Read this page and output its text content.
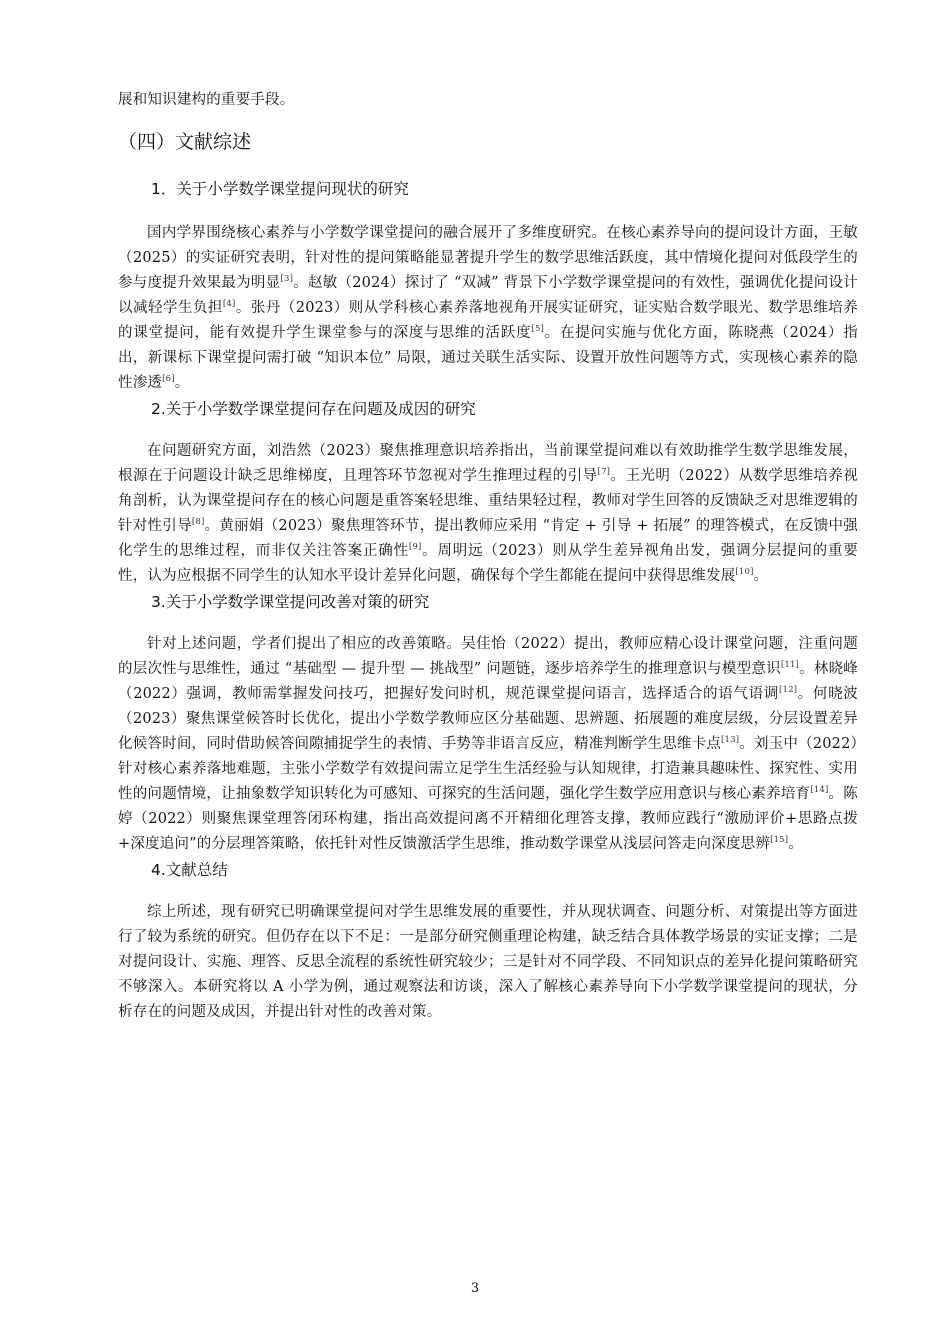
展和知识建构的重要手段。

（四）文献综述
1．关于小学数学课堂提问现状的研究

国内学界围绕核心素养与小学数学课堂提问的融合展开了多维度研究。在核心素养导向的提问设计方面，王敏（2025）的实证研究表明，针对性的提问策略能显著提升学生的数学思维活跃度，其中情境化提问对低段学生的参与度提升效果最为明显[3]。赵敏（2024）探讨了 “双减” 背景下小学数学课堂提问的有效性，强调优化提问设计以减轻学生负担[4]。张丹（2023）则从学科核心素养落地视角开展实证研究，证实贴合数学眼光、数学思维培养的课堂提问，能有效提升学生课堂参与的深度与思维的活跃度[5]。在提问实施与优化方面，陈晓燕（2024）指出，新课标下课堂提问需打破 “知识本位” 局限，通过关联生活实际、设置开放性问题等方式，实现核心素养的隐性渗透[6]。

2.关于小学数学课堂提问存在问题及成因的研究

在问题研究方面，刘浩然（2023）聚焦推理意识培养指出，当前课堂提问难以有效助推学生数学思维发展，根源在于问题设计缺乏思维梯度，且理答环节忽视对学生推理过程的引导[7]。王光明（2022）从数学思维培养视角剖析，认为课堂提问存在的核心问题是重答案轻思维、重结果轻过程，教师对学生回答的反馈缺乏对思维逻辑的针对性引导[8]。黄丽娟（2023）聚焦理答环节，提出教师应采用 “肯定 + 引导 + 拓展” 的理答模式，在反馈中强化学生的思维过程，而非仅关注答案正确性[9]。周明远（2023）则从学生差异视角出发，强调分层提问的重要性，认为应根据不同学生的认知水平设计差异化问题，确保每个学生都能在提问中获得思维发展[10]。

3.关于小学数学课堂提问改善对策的研究

针对上述问题，学者们提出了相应的改善策略。吴佳怡（2022）提出，教师应精心设计课堂问题，注重问题的层次性与思维性，通过 “基础型 — 提升型 — 挑战型” 问题链，逐步培养学生的推理意识与模型意识[11]。林晓峰（2022）强调，教师需掌握发问技巧，把握好发问时机，规范课堂提问语言，选择适合的语气语调[12]。何晓波（2023）聚焦课堂候答时长优化，提出小学数学教师应区分基础题、思辨题、拓展题的难度层级，分层设置差异化候答时间，同时借助候答间隙捕捉学生的表情、手势等非语言反应，精准判断学生思维卡点[13]。刘玉中（2022）针对核心素养落地难题，主张小学数学有效提问需立足学生生活经验与认知规律，打造兼具趣味性、探究性、实用性的问题情境，让抽象数学知识转化为可感知、可探究的生活问题，强化学生数学应用意识与核心素养培育[14]。陈婷（2022）则聚焦课堂理答闭环构建，指出高效提问离不开精细化理答支撑，教师应践行“激励评价+思路点拨+深度追问”的分层理答策略，依托针对性反馈激活学生思维，推动数学课堂从浅层问答走向深度思辨[15]。

4.文献总结

综上所述，现有研究已明确课堂提问对学生思维发展的重要性，并从现状调查、问题分析、对策提出等方面进行了较为系统的研究。但仍存在以下不足：一是部分研究侧重理论构建，缺乏结合具体教学场景的实证支撑；二是对提问设计、实施、理答、反思全流程的系统性研究较少；三是针对不同学段、不同知识点的差异化提问策略研究不够深入。本研究将以 A 小学为例，通过观察法和访谈，深入了解核心素养导向下小学数学课堂提问的现状，分析存在的问题及成因，并提出针对性的改善对策。

3
